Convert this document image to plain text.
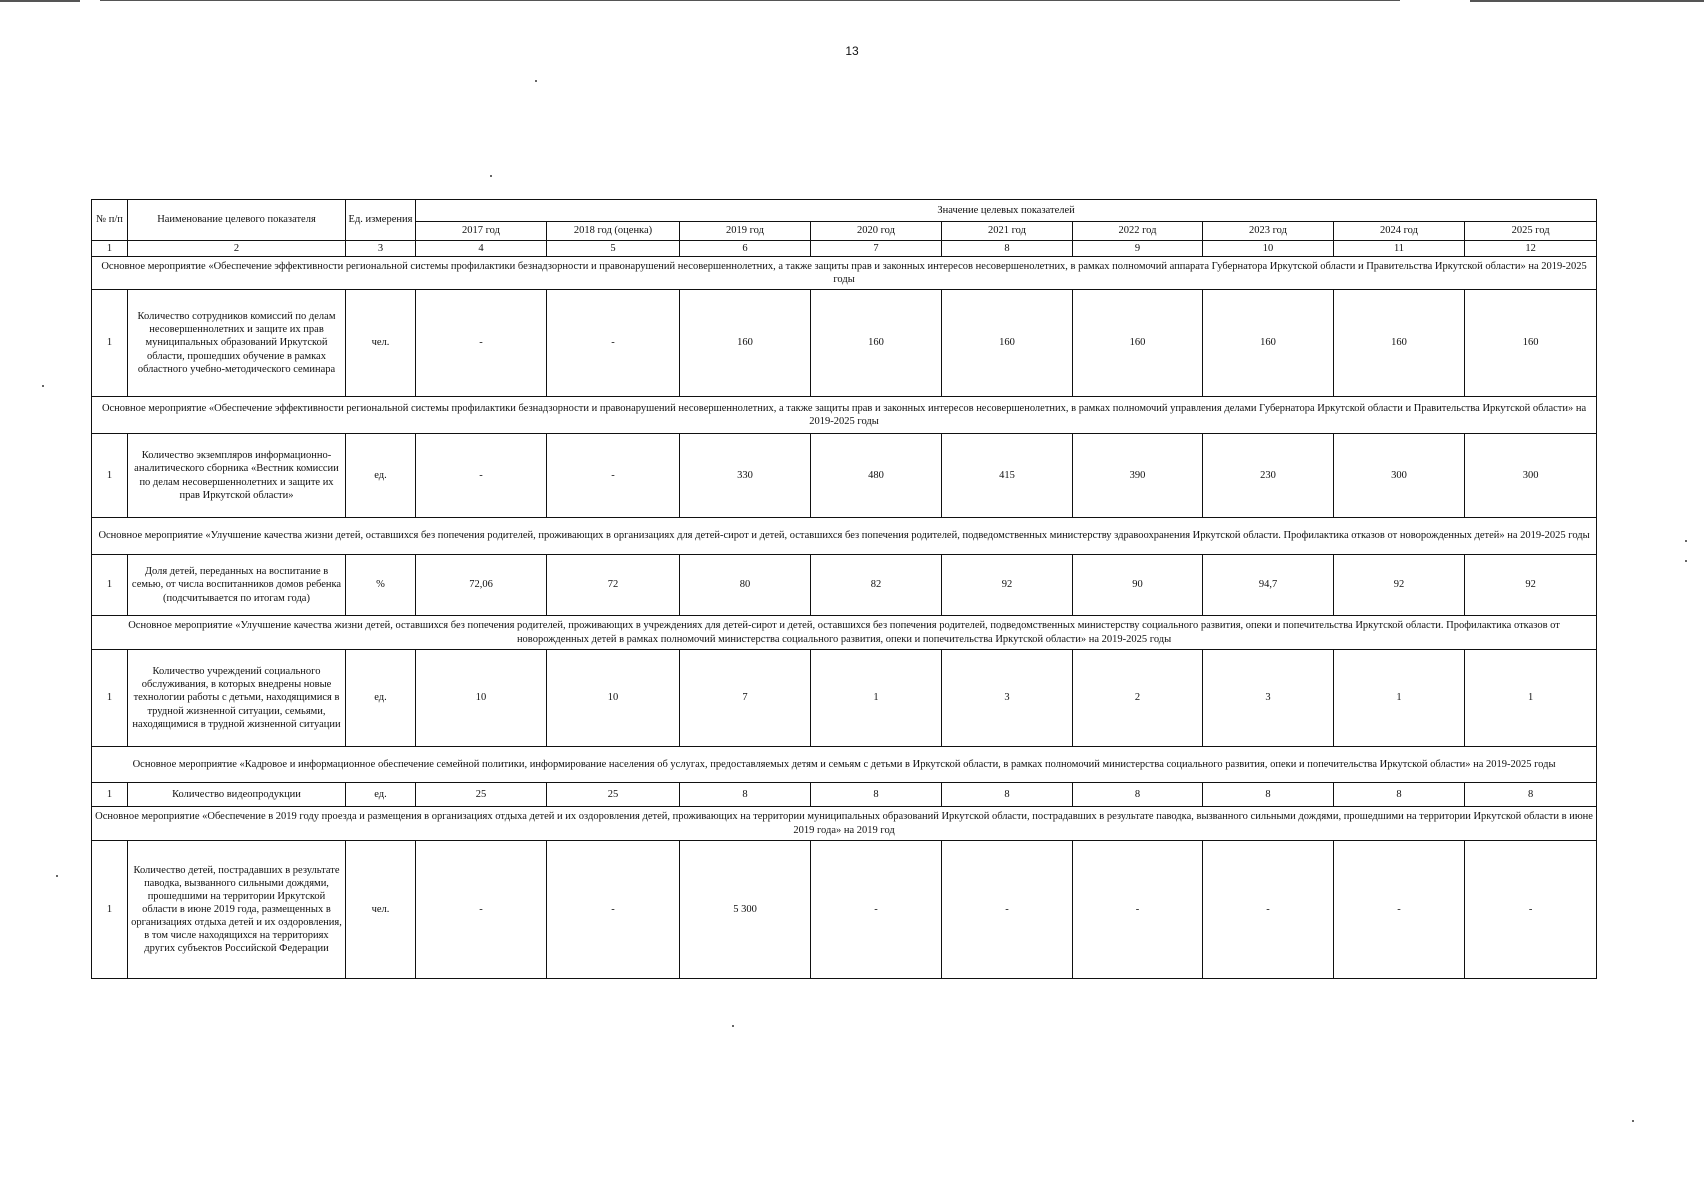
13
№ п/п	Наименование целевого показателя	Ед. измерения	Значение целевых показателей								
			2017 год	2018 год (оценка)	2019 год	2020 год	2021 год	2022 год	2023 год	2024 год	2025 год
1	2	3	4	5	6	7	8	9	10	11	12
Основное мероприятие «Обеспечение эффективности региональной системы профилактики безнадзорности и правонарушений несовершеннолетних, а также защиты прав и законных интересов несовершенолетних, в рамках полномочий аппарата Губернатора Иркутской области и Правительства Иркутской области» на 2019-2025 годы											
1	Количество сотрудников комиссий по делам несовершеннолетних и защите их прав муниципальных образований Иркутской области, прошедших обучение в рамках областного учебно-методического семинара	чел.	-	-	160	160	160	160	160	160	160
Основное мероприятие «Обеспечение эффективности региональной системы профилактики безнадзорности и правонарушений несовершеннолетних, а также защиты прав и законных интересов несовершенолетних, в рамках полномочий управления делами Губернатора Иркутской области и Правительства Иркутской области» на 2019-2025 годы											
1	Количество экземпляров информационно-аналитического сборника «Вестник комиссии по делам несовершеннолетних и защите их прав Иркутской области»	ед.	-	-	330	480	415	390	230	300	300
Основное мероприятие «Улучшение качества жизни детей, оставшихся без попечения родителей, проживающих в организациях для детей-сирот и детей, оставшихся без попечения родителей, подведомственных министерству здравоохранения Иркутской области. Профилактика отказов от новорожденных детей» на 2019-2025 годы											
1	Доля детей, переданных на воспитание в семью, от числа воспитанников домов ребенка (подсчитывается по итогам года)	%	72,06	72	80	82	92	90	94,7	92	92
Основное мероприятие «Улучшение качества жизни детей, оставшихся без попечения родителей, проживающих в учреждениях для детей-сирот и детей, оставшихся без попечения родителей, подведомственных министерству социального развития, опеки и попечительства Иркутской области. Профилактика отказов от новорожденных детей в рамках полномочий министерства социального развития, опеки и попечительства Иркутской области» на 2019-2025 годы											
1	Количество учреждений социального обслуживания, в которых внедрены новые технологии работы с детьми, находящимися в трудной жизненной ситуации, семьями, находящимися в трудной жизненной ситуации	ед.	10	10	7	1	3	2	3	1	1
Основное мероприятие «Кадровое и информационное обеспечение семейной политики, информирование населения об услугах, предоставляемых детям и семьям с детьми в Иркутской области, в рамках полномочий министерства социального развития, опеки и попечительства Иркутской области» на 2019-2025 годы											
1	Количество видеопродукции	ед.	25	25	8	8	8	8	8	8	8
Основное мероприятие «Обеспечение в 2019 году проезда и размещения в организациях отдыха детей и их оздоровления детей, проживающих на территории муниципальных образований Иркутской области, пострадавших в результате паводка, вызванного сильными дождями, прошедшими на территории Иркутской области в июне 2019 года» на 2019 год											
1	Количество детей, пострадавших в результате паводка, вызванного сильными дождями, прошедшими на территории Иркутской области в июне 2019 года, размещенных в организациях отдыха детей и их оздоровления, в том числе находящихся на территориях других субъектов Российской Федерации	чел.	-	-	5 300	-	-	-	-	-	-
